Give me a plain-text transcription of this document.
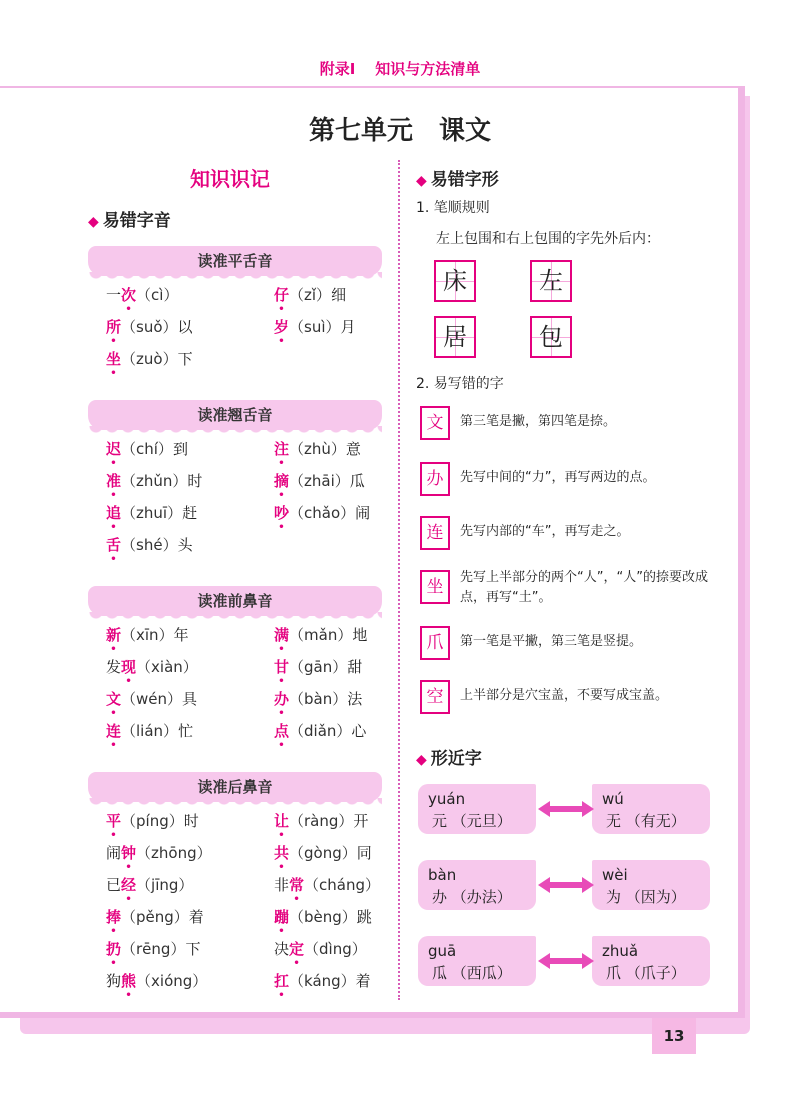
附录Ⅰ 知识与方法清单
第七单元　课文
知识识记
◆ 易错字音
读准平舌音
一次（cì）	仔（zǐ）细
所（suǒ）以	岁（suì）月
坐（zuò）下
读准翘舌音
迟（chí）到	注（zhù）意
准（zhǔn）时	摘（zhāi）瓜
追（zhuī）赶	吵（chǎo）闹
舌（shé）头
读准前鼻音
新（xīn）年	满（mǎn）地
发现（xiàn）	甘（gān）甜
文（wén）具	办（bàn）法
连（lián）忙	点（diǎn）心
读准后鼻音
平（píng）时	让（ràng）开
闹钟（zhōng）	共（gòng）同
已经（jīng）	非常（cháng）
捧（pěng）着	蹦（bèng）跳
扔（rēng）下	决定（dìng）
狗熊（xióng）	扛（káng）着
◆ 易错字形
1. 笔顺规则
左上包围和右上包围的字先外后内：
床	左
居	包
2. 易写错的字
文	第三笔是撇，第四笔是捺。
办	先写中间的“力”，再写两边的点。
连	先写内部的“车”，再写走之。
坐	先写上半部分的两个“人”，“人”的捺要改成点，再写“土”。
爪	第一笔是平撇，第三笔是竖提。
空	上半部分是穴宝盖，不要写成宝盖。
◆ 形近字
yuán
元 （元旦）
wú
无 （有无）
bàn
办 （办法）
wèi
为 （因为）
guā
瓜 （西瓜）
zhuǎ
爪 （爪子）
13
